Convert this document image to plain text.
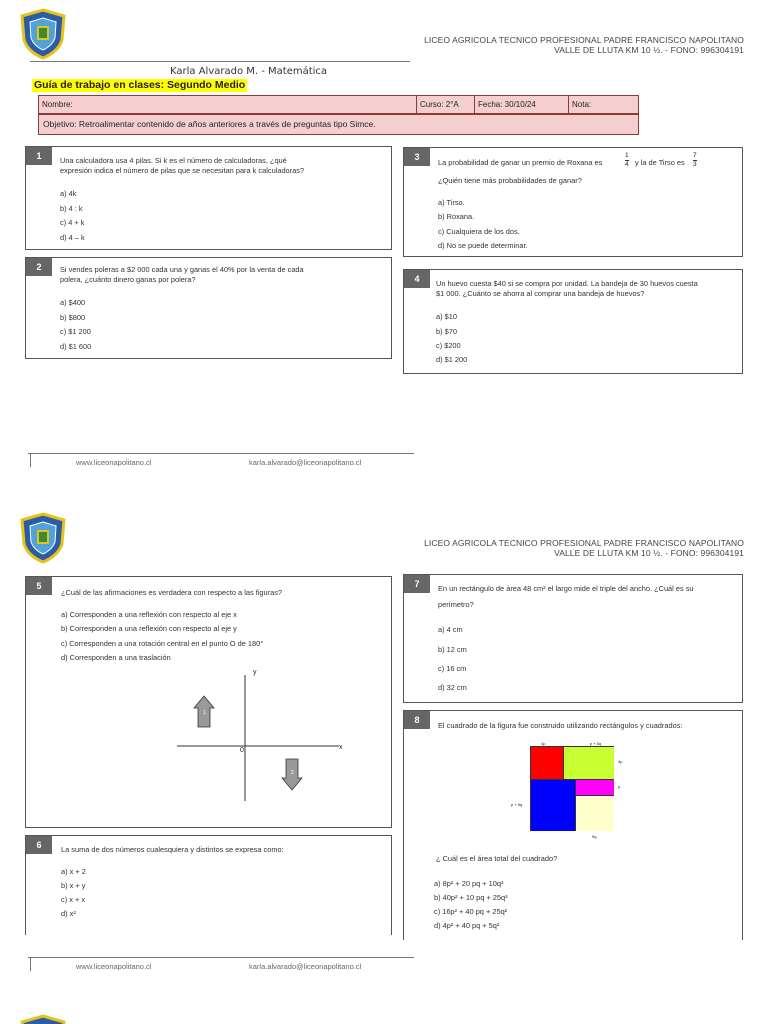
LICEO AGRICOLA TECNICO PROFESIONAL PADRE FRANCISCO NAPOLITANO
VALLE DE LLUTA KM 10 ½. - FONO: 996304191
Karla Alvarado M. - Matemática
Guía de trabajo en clases: Segundo Medio
Nombre:	Curso: 2°A	Fecha: 30/10/24	Nota:
Objetivo: Retroalimentar contenido de años anteriores a través de preguntas tipo Simce.
1	Una calculadora usa 4 pilas. Si k es el número de calculadoras, ¿qué
expresión indica el número de pilas que se necesitan para k calculadoras?
a) 4k
b) 4 : k
c) 4 + k
d) 4 – k
2	Si vendes poleras a $2 000 cada una y ganas el 40% por la venta de cada
polera, ¿cuánto dinero ganas por polera?
a) $400
b) $800
c) $1 200
d) $1 600
3
La probabilidad de ganar un premio de Roxana es
1
4 y la de Tirso es
7
3
¿Quién tiene más probabilidades de ganar?
a) Tirso.
b) Roxana.
c) Cualquiera de los dos.
d) No se puede determinar.
4	Un huevo cuesta $40 si se compra por unidad. La bandeja de 30 huevos cuesta
$1 000. ¿Cuánto se ahorra al comprar una bandeja de huevos?
a) $10
b) $70
c) $200
d) $1 200
www.liceonapolitano.cl	karla.alvarado@liceonapolitano.cl
LICEO AGRICOLA TECNICO PROFESIONAL PADRE FRANCISCO NAPOLITANO
VALLE DE LLUTA KM 10 ½. - FONO: 996304191
5
¿Cuál de las afirmaciones es verdadera con respecto a las figuras?
a) Corresponden a una reflexión con respecto al eje x
b) Corresponden a una reflexión con respecto al eje y
c) Corresponden a una rotación central en el punto O de 180°
d) Corresponden a una traslación
y
x
0
1
2
6	La suma de dos números cualesquiera y distintos se expresa como:
a) x + 2
b) x + y
c) x + x
d) x²
7	En un rectángulo de área 48 cm² el largo mide el triple del ancho. ¿Cuál es su
perímetro?
a) 4 cm
b) 12 cm
c) 16 cm
d) 32 cm
8
El cuadrado de la figura fue construido utilizando rectángulos y cuadrados:
4p	p + 5q
4p
p
p + 5q
5q
¿ Cuál es el área total del cuadrado?
a) 8p² + 20 pq + 10q²
b) 40p² + 10 pq + 25q²
c) 16p² + 40 pq + 25q²
d) 4p² + 40 pq + 5q²
www.liceonapolitano.cl	karla.alvarado@liceonapolitano.cl
